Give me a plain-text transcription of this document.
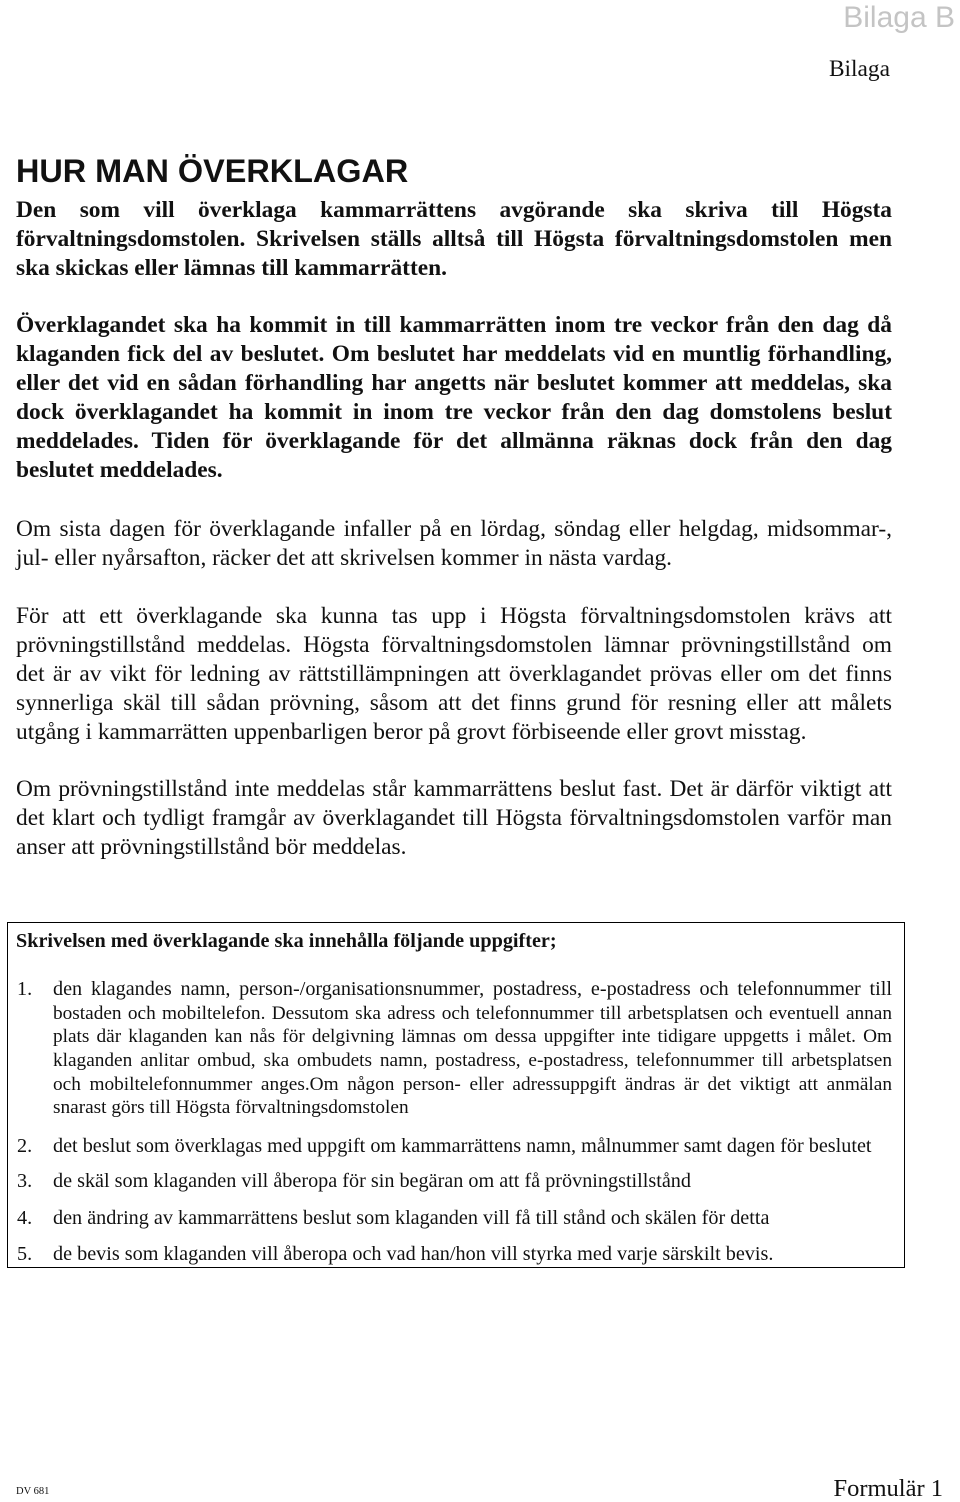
Bilaga B
Bilaga
HUR MAN ÖVERKLAGAR
Den som vill överklaga kammarrättens avgörande ska skriva till Högsta
förvaltningsdomstolen. Skrivelsen ställs alltså till Högsta förvaltningsdomstolen men
ska skickas eller lämnas till kammarrätten.
Överklagandet ska ha kommit in till kammarrätten inom tre veckor från den dag då
klaganden fick del av beslutet. Om beslutet har meddelats vid en muntlig förhandling,
eller det vid en sådan förhandling har angetts när beslutet kommer att meddelas, ska
dock överklagandet ha kommit in inom tre veckor från den dag domstolens beslut
meddelades. Tiden för överklagande för det allmänna räknas dock från den dag
beslutet meddelades.
Om sista dagen för överklagande infaller på en lördag, söndag eller helgdag, midsommar-,
jul- eller nyårsafton, räcker det att skrivelsen kommer in nästa vardag.
För att ett överklagande ska kunna tas upp i Högsta förvaltningsdomstolen krävs att
prövningstillstånd meddelas. Högsta förvaltningsdomstolen lämnar prövningstillstånd om
det är av vikt för ledning av rättstillämpningen att överklagandet prövas eller om det finns
synnerliga skäl till sådan prövning, såsom att det finns grund för resning eller att målets
utgång i kammarrätten uppenbarligen beror på grovt förbiseende eller grovt misstag.
Om prövningstillstånd inte meddelas står kammarrättens beslut fast. Det är därför viktigt att
det klart och tydligt framgår av överklagandet till Högsta förvaltningsdomstolen varför man
anser att prövningstillstånd bör meddelas.
Skrivelsen med överklagande ska innehålla följande uppgifter;
1. den klagandes namn, person-/organisationsnummer, postadress, e-postadress och telefonnummer till
bostaden och mobiltelefon. Dessutom ska adress och telefonnummer till arbetsplatsen och eventuell annan
plats där klaganden kan nås för delgivning lämnas om dessa uppgifter inte tidigare uppgetts i målet. Om
klaganden anlitar ombud, ska ombudets namn, postadress, e-postadress, telefonnummer till arbetsplatsen
och mobiltelefonnummer anges.Om någon person- eller adressuppgift ändras är det viktigt att anmälan
snarast görs till Högsta förvaltningsdomstolen
2. det beslut som överklagas med uppgift om kammarrättens namn, målnummer samt dagen för beslutet
3. de skäl som klaganden vill åberopa för sin begäran om att få prövningstillstånd
4. den ändring av kammarrättens beslut som klaganden vill få till stånd och skälen för detta
5. de bevis som klaganden vill åberopa och vad han/hon vill styrka med varje särskilt bevis.
DV 681	Formulär 1
